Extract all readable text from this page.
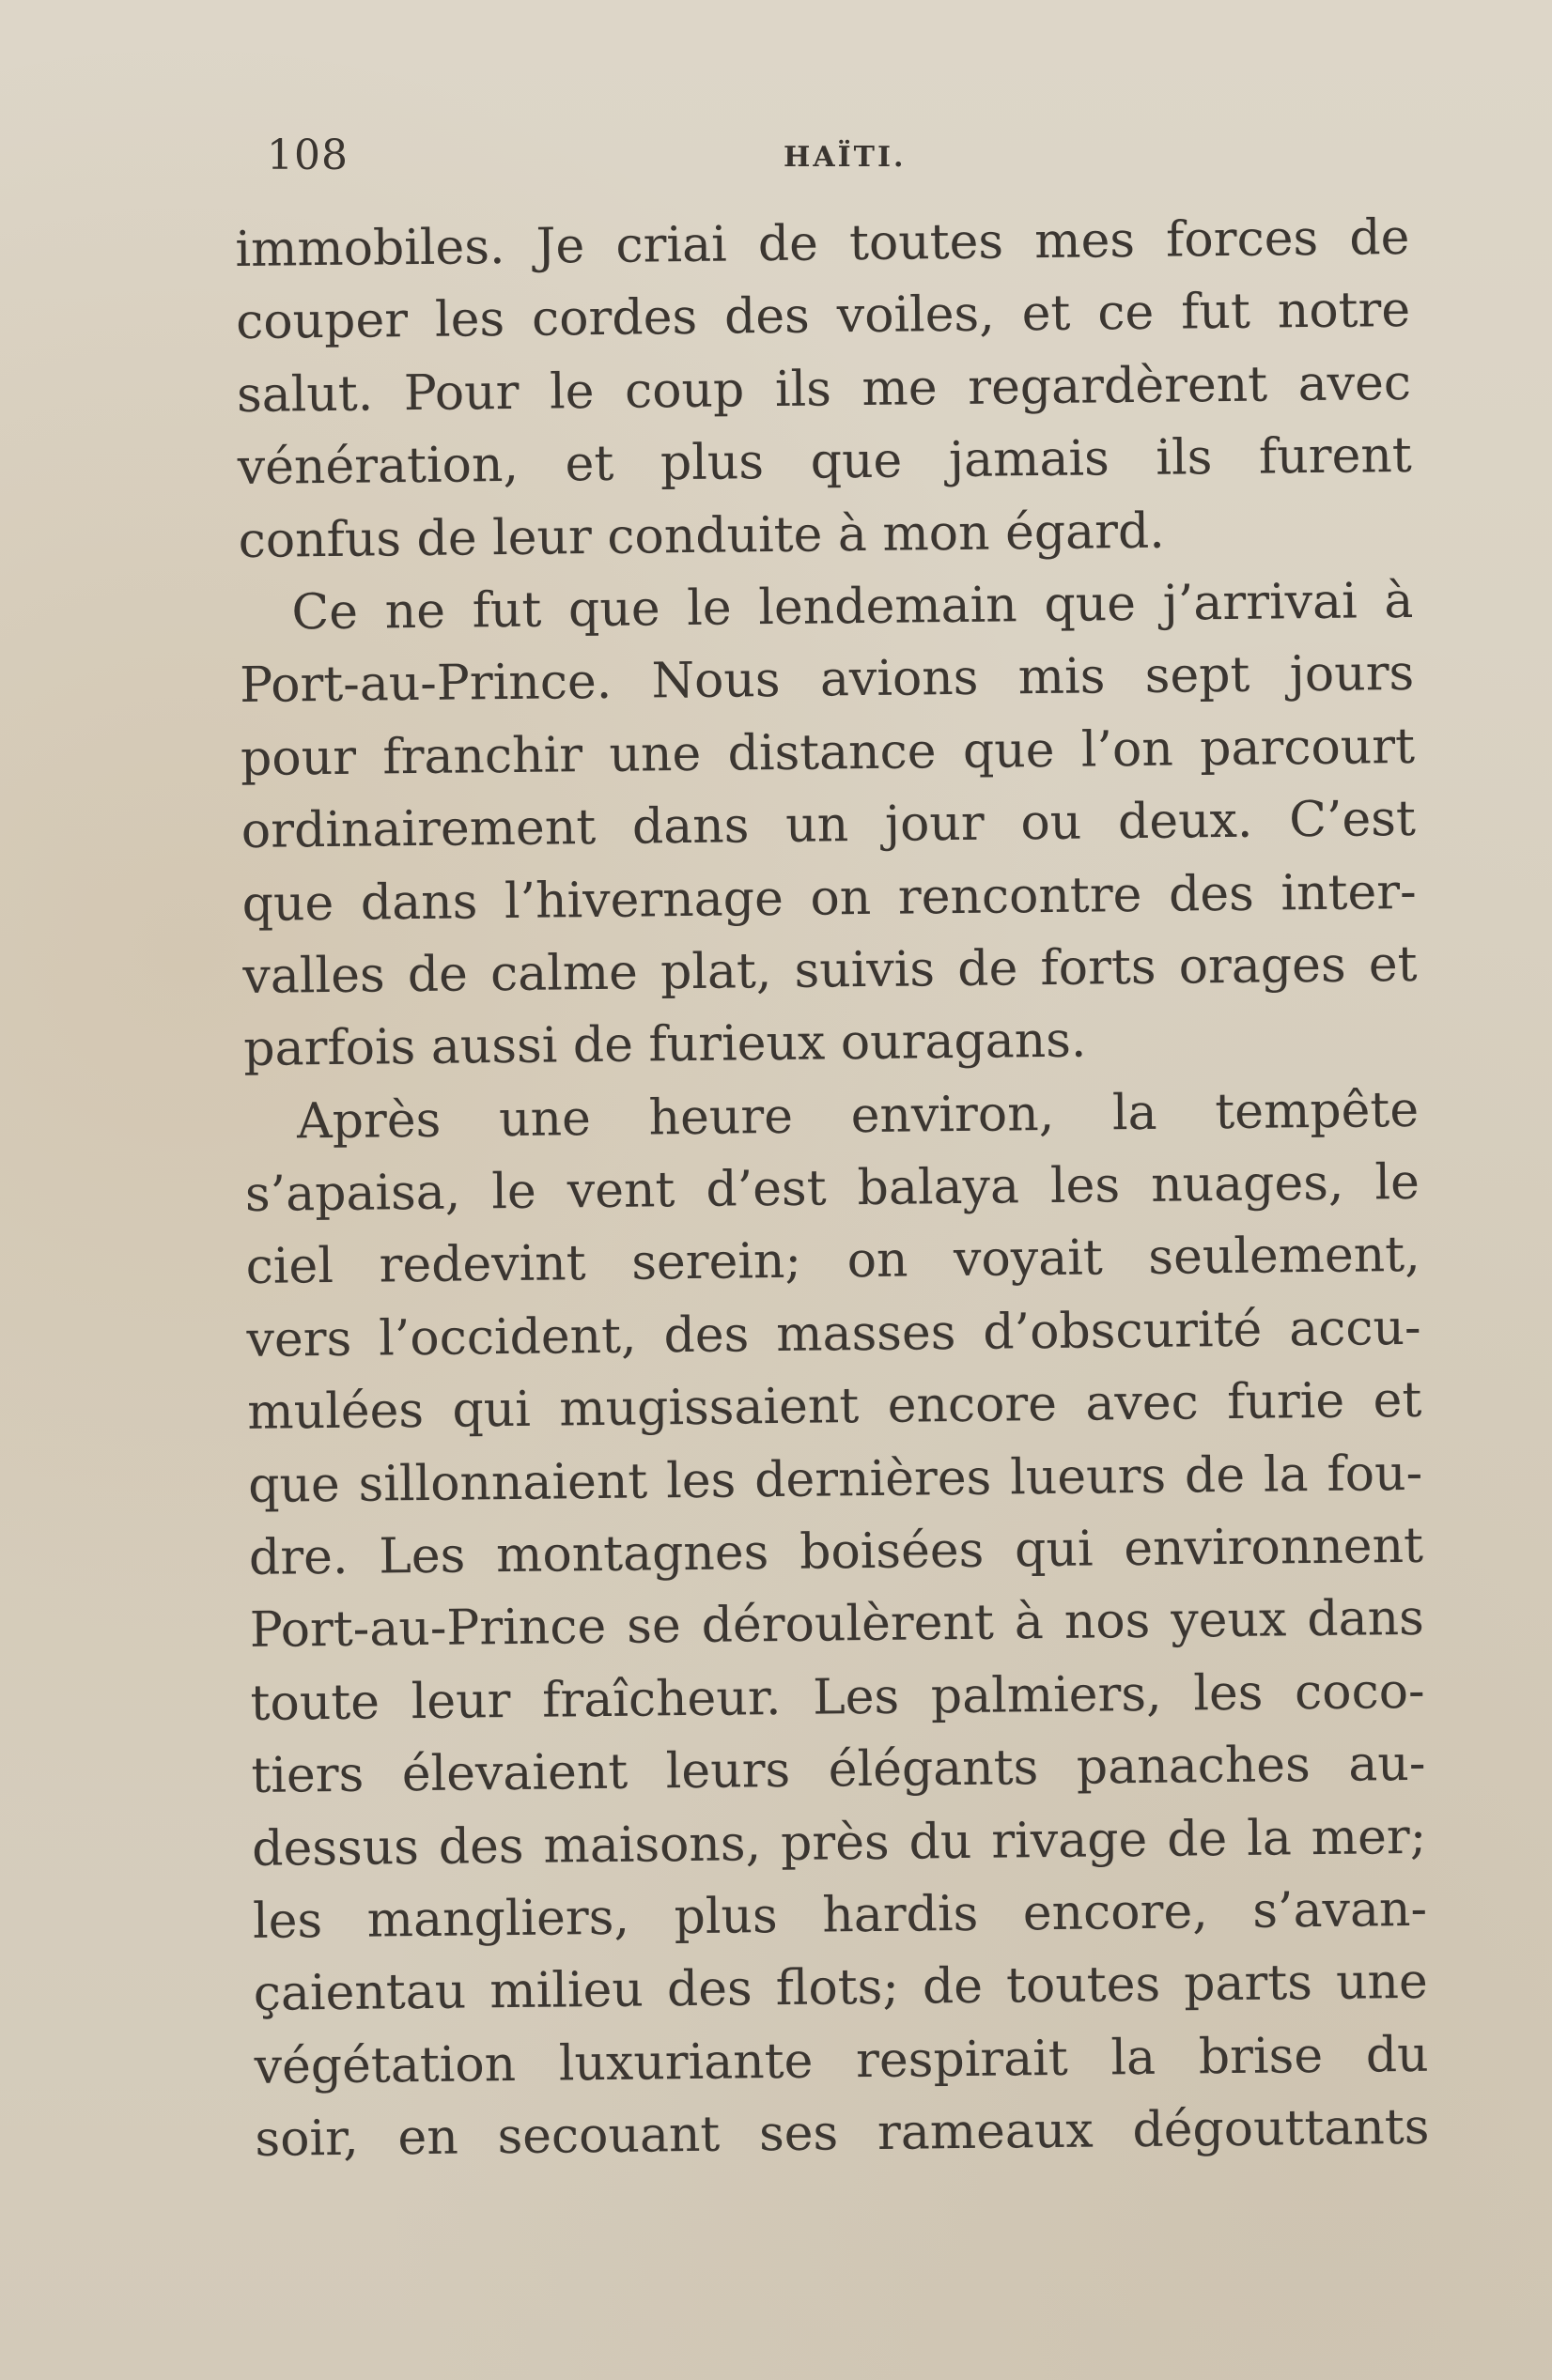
108	HAÏTI.
immobiles. Je criai de toutes mes forces de
couper les cordes des voiles, et ce fut notre
salut. Pour le coup ils me regardèrent avec
vénération, et plus que jamais ils furent
confus de leur conduite à mon égard.
Ce ne fut que le lendemain que j’arrivai à
Port-au-Prince. Nous avions mis sept jours
pour franchir une distance que l’on parcourt
ordinairement dans un jour ou deux. C’est
que dans l’hivernage on rencontre des inter-
valles de calme plat, suivis de forts orages et
parfois aussi de furieux ouragans.
Après une heure environ, la tempête
s’apaisa, le vent d’est balaya les nuages, le
ciel redevint serein; on voyait seulement,
vers l’occident, des masses d’obscurité accu-
mulées qui mugissaient encore avec furie et
que sillonnaient les dernières lueurs de la fou-
dre. Les montagnes boisées qui environnent
Port-au-Prince se déroulèrent à nos yeux dans
toute leur fraîcheur. Les palmiers, les coco-
tiers élevaient leurs élégants panaches au-
dessus des maisons, près du rivage de la mer;
les mangliers, plus hardis encore, s’avan-
çaientau milieu des flots; de toutes parts une
végétation luxuriante respirait la brise du
soir, en secouant ses rameaux dégouttants
